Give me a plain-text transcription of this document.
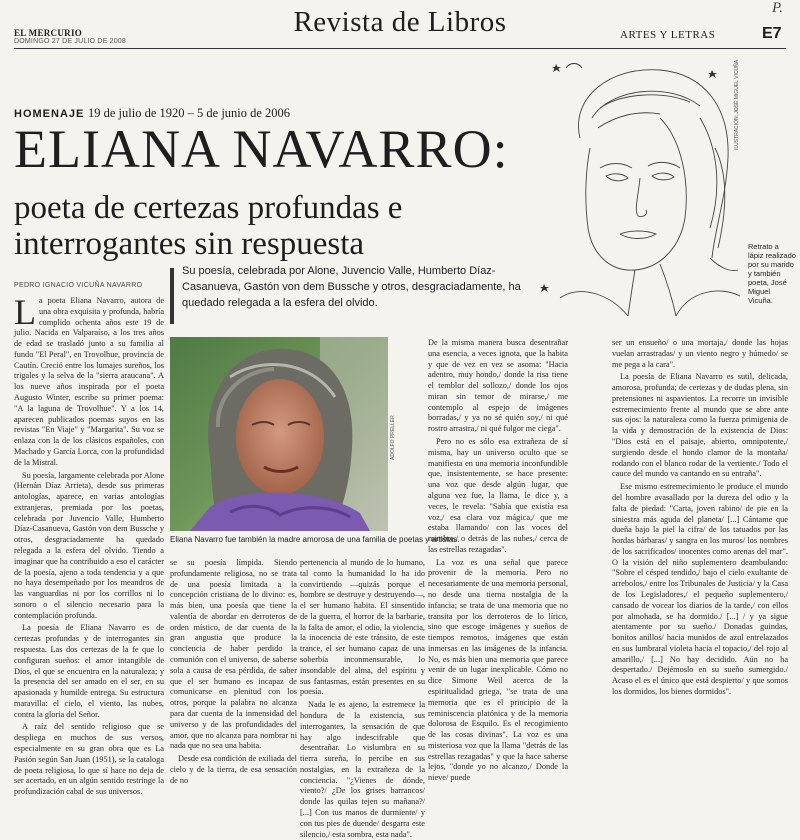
Revista de Libros
EL MERCURIO
DOMINGO 27 DE JULIO DE 2008
ARTES Y LETRAS	E7
P.
HOMENAJE 19 de julio de 1920 – 5 de junio de 2006
ELIANA NAVARRO:
poeta de certezas profundas e interrogantes sin respuesta
PEDRO IGNACIO VICUÑA NAVARRO
Su poesía, celebrada por Alone, Juvencio Valle, Humberto Díaz-Casanueva, Gastón von dem Bussche y otros, desgraciadamente, ha quedado relegada a la esfera del olvido.
ILUSTRACIÓN: JOSÉ MIGUEL VICUÑA
Retrato a lápiz realizado por su marido y también poeta, José Miguel Vicuña.
ADOLFO PRELLER
Eliana Navarro fue también la madre amorosa de una familia de poetas y artistas.

La poeta Eliana Navarro, autora de una obra exquisita y profunda, habría cumplido ochenta años este 19 de julio. Nacida en Valparaíso, a los tres años de edad se trasladó junto a su familia al fundo "El Peral", en Trovolhue, provincia de Cautín. Creció entre los lumajes sureños, los trigales y la selva de la "sierra araucana". A los nueve años inspirada por el poeta Augusto Winter, escribe su primer poema: "A la laguna de Trovolhue". Y a los 14, aparecen publicados poemas suyos en las revistas "En Viaje" y "Margarita". Su voz se enlaza con la de los clásicos españoles, con Machado y García Lorca, con la profundidad de la Mistral.

Su poesía, largamente celebrada por Alone (Hernán Díaz Arrieta), desde sus primeras antologías, aparece, en varias antologías extranjeras, premiada por los poetas, celebrada por Juvencio Valle, Humberto Díaz-Casanueva, Gastón von dem Bussche y otros, desgraciadamente ha quedado relegada a la esfera del olvido. Tiendo a imaginar que ha contribuido a eso el carácter de la poesía, ajeno a toda tendencia y a que no haya desempeñado por los meandros de las vanguardias ni por los corrillos ni lo sonoro o el silencio necesario para la contemplación profunda.

La poesía de Eliana Navarro es de certezas profundas y de interrogantes sin respuesta. Las dos certezas de la fe que lo configuran sueños: el amor intangible de Dios, el que se encuentra en la naturaleza; y la presencia del ser amado en el ser, en su apasionada y humilde entrega. Su estructura maravilla: el cielo, el viento, las nubes, contra la gloria del Señor.

A raíz del sentido religioso que se despliega en muchos de sus versos, especialmente en su gran obra que es La Pasión según San Juan (1951), se la cataloga de poeta religiosa, lo que sí hace no deja de ser acertado, en un algún sentido restringe la profundización cabal de sus universos.

se su poesía límpida. Siendo profundamente religiosa, no se trata de una poesía limitada a la concepción cristiana de lo divino: es, más bien, una poesía que tiene la valentía de abordar en derroteros de orden místico, de dar cuenta de la gran angustia que produce la conciencia de haber perdido la comunión con el universo, de saberse sola a causa de esa pérdida, de saber que el ser humano es incapaz de comunicarse en plenitud con los otros, porque la palabra no alcanza para dar cuenta de la inmensidad del universo y de las profundidades del amor, que no alcanza para nombrar ni nada que no sea una habita.

Desde esa condición de exiliada del cielo y de la tierra, de esa sensación de no

pertenencia al mundo de lo humano, tal como la humanidad lo ha ido convirtiendo —quizás porque el hombre se destruye y destruyendo—, el ser humano habita. El sinsentido de la guerra, el horror de la barbarie, la falta de amor, el odio, la violencia, la inocencia de este tránsito, de este trance, el ser humano capaz de una soberbia inconmensurable, lo insondable del alma, del espíritu y sus fantasmas, están presentes en su poesía.

Nada le es ajeno, la estremece la hondura de la existencia, sus interrogantes, la sensación de que hay algo indescifrable que desentrañar. Lo vislumbra en su tierra sureña, lo percibe en sus nostalgias, en la extrañeza de la conciencia. "¿Vienes de dónde, viento?/ ¿De los grises barrancos/ donde las quilas tejen su mañana?/ [...] Con tus manos de durmiente/ y con tus pies de duende/ desgarra este silencio,/ esta sombra, esta nada".

De la misma manera busca desentrañar una esencia, a veces ignota, que la habita y que de vez en vez se asoma: "Hacia adentro, muy hondo,/ donde la risa tiene el temblor del sollozo,/ donde los ojos miran sin temor de mirarse,/ me contemplo al espejo de imágenes borradas,/ y ya no sé quién soy,/ ni qué rostro arrastra,/ ni qué fulgor me ciega".

Pero no es sólo esa extrañeza de sí misma, hay un universo oculto que se manifiesta en una memoria inconfundible que, insistentemente, se hace presente: una voz que desde algún lugar, que alguna vez fue, la llama, le dice y, a veces, le revela: "Sabía que existía esa voz,/ esa clara voz mágica,/ que me estaba llamando/ con las voces del mimbre,/ o detrás de las nubes,/ cerca de las estrellas rezagadas".

La voz es una señal que parece provenir de la memoria. Pero no necesariamente de una memoria personal, no desde una tierna nostalgia de la infancia; se trata de una memoria que no transita por los derroteros de lo lírico, sino que escoge imágenes y sueños de tiempos remotos, imágenes que están inmersas en las imágenes de la infancia. No, es más bien una memoria que parece venir de un lugar inexplicable. Cómo no dice Simone Weil acerca de la espiritualidad griega, "se trata de una memoria que es el principio de la reminiscencia platónica y de la memoria dolorosa de Esquilo. Es el recogimiento de las cosas divinas". La voz es una misteriosa voz que la llama "detrás de las estrellas rezagadas" y que la hace saberse lejos, "donde yo no alcanzo,/ Donde la nieve/ puede

ser un ensueño/ o una mortaja,/ donde las hojas vuelan arrastradas/ y un viento negro y húmedo/ se me pega a la cara".

La poesía de Eliana Navarro es sutil, delicada, amorosa, profunda; de certezas y de dudas plena, sin pretensiones ni aspavientos. La recorre un invisible estremecimiento frente al mundo que se abre ante sus ojos: la naturaleza como la fuerza primigenia de la vida y demostración de la existencia de Dios: "Dios está en el paisaje, abierto, omnipotente,/ surgiendo desde el hondo clamor de la montaña/ rodando con el blanco rodar de la vertiente./ Todo el cauce del mundo va cantando en su entraña".

Ese mismo estremecimiento le produce el mundo del hombre avasallado por la dureza del odio y la falta de piedad: "Carta, joven rabino/ de pie en la siniestra más aguda del planeta/ [...] Cántame que dueña bajo la piel la cifra/ de los tatuados por las hordas bárbaras/ y sangra en los muros/ los nombres de los sacrificados/ inocentes como arenas del mar". O la visión del niño suplementero deambulando: "Sobre el césped tendido,/ bajo el cielo exultante de arrebolos,/ entre los Tribunales de Justicia/ y la Casa de los Legisladores,/ el pequeño suplementero,/ cansado de vocear los diarios de la tarde,/ con ellos por almohada, se ha dormido./ [...] / y ya sigue atentamente por su sueño./ Donadas guindas, bonitos anillos/ hacia munidos de azul entrelazados en sus lumbraral violeta hacia el topacio,/ del rojo al amarillo,/ [...] No hay decidido. Aún no ha despertado./ Dejémoslo en su sueño sumergido./ Acaso el es el único que está despierto/ y que somos los dormidos, los bienes dormidos".
